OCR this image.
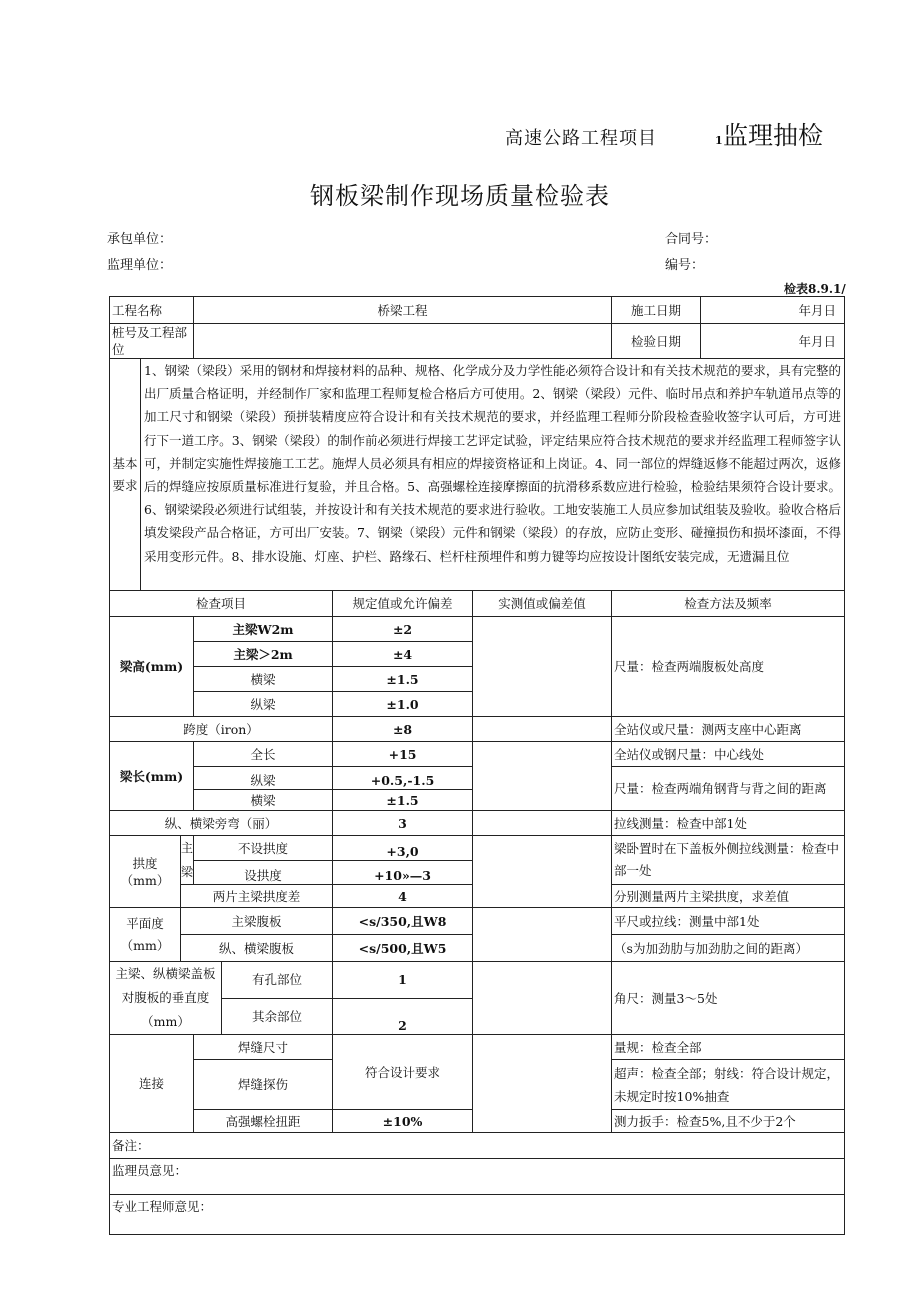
高速公路工程项目	1 监理抽检
钢板梁制作现场质量检验表
承包单位：	合同号：
监理单位：	编号：
检表8.9.1/
工程名称			桥梁工程				施工日期	年月日
桩号及工程部位							检验日期	年月日
基本要求	1、钢梁（梁段）采用的钢材和焊接材料的品种、规格、化学成分及力学性能必须符合设计和有关技术规范的要求，具有完整的出厂质量合格证明，并经制作厂家和监理工程师复检合格后方可使用。2、钢梁（梁段）元件、临时吊点和养护车轨道吊点等的加工尺寸和钢梁（梁段）预拼装精度应符合设计和有关技术规范的要求，并经监理工程师分阶段检查验收签字认可后，方可进行下一道工序。3、钢梁（梁段）的制作前必须进行焊接工艺评定试验，评定结果应符合技术规范的要求并经监理工程师签字认可，并制定实施性焊接施工工艺。施焊人员必须具有相应的焊接资格证和上岗证。4、同一部位的焊缝返修不能超过两次，返修后的焊缝应按原质量标准进行复验，并且合格。5、高强螺栓连接摩擦面的抗滑移系数应进行检验，检验结果须符合设计要求。6、钢梁梁段必须进行试组装，并按设计和有关技术规范的要求进行验收。工地安装施工人员应参加试组装及验收。验收合格后填发梁段产品合格证，方可出厂安装。7、钢梁（梁段）元件和钢梁（梁段）的存放，应防止变形、碰撞损伤和损坏漆面，不得采用变形元件。8、排水设施、灯座、护栏、路缘石、栏杆柱预埋件和剪力键等均应按设计图纸安装完成，无遗漏且位							
检查项目					规定值或允许偏差	实测值或偏差值	检查方法及频率	
梁高(mm)			主梁W2m		±2		尺量：检查两端腹板处高度	
			主梁＞2m		±4			
			横梁		±1.5			
			纵梁		±1.0			
跨度（iron）					±8		全站仪或尺量：测两支座中心距离	
梁长(mm)			全长		+15		全站仪或钢尺量：中心线处	
			纵梁		+0.5,-1.5		尺量：检查两端角钢背与背之间的距离	
			横梁		±1.5			
纵、横梁旁弯（丽）					3		拉线测量：检查中部1处	
拱度（mm）		主梁	不设拱度		+3,0		梁卧置时在下盖板外侧拉线测量：检查中部一处	
			设拱度		+10»—3			
		两片主梁拱度差			4		分别测量两片主梁拱度，求差值	
平面度（mm）		主梁腹板			<s/350,且W8		平尺或拉线：测量中部1处	
		纵、横梁腹板			<s/500,且W5		（s为加劲肋与加劲肋之间的距离）	
主梁、纵横梁盖板对腹板的垂直度（mm）				有孔部位	1		角尺：测量3～5处	
				其余部位	2			
连接			焊缝尺寸		符合设计要求		量规：检查全部	
			焊缝探伤				超声：检查全部；射线：符合设计规定，未规定时按10%抽查	
			高强螺栓扭距		±10%		测力扳手：检查5%,且不少于2个	
备注：								
监理员意见：								
专业工程师意见：								
